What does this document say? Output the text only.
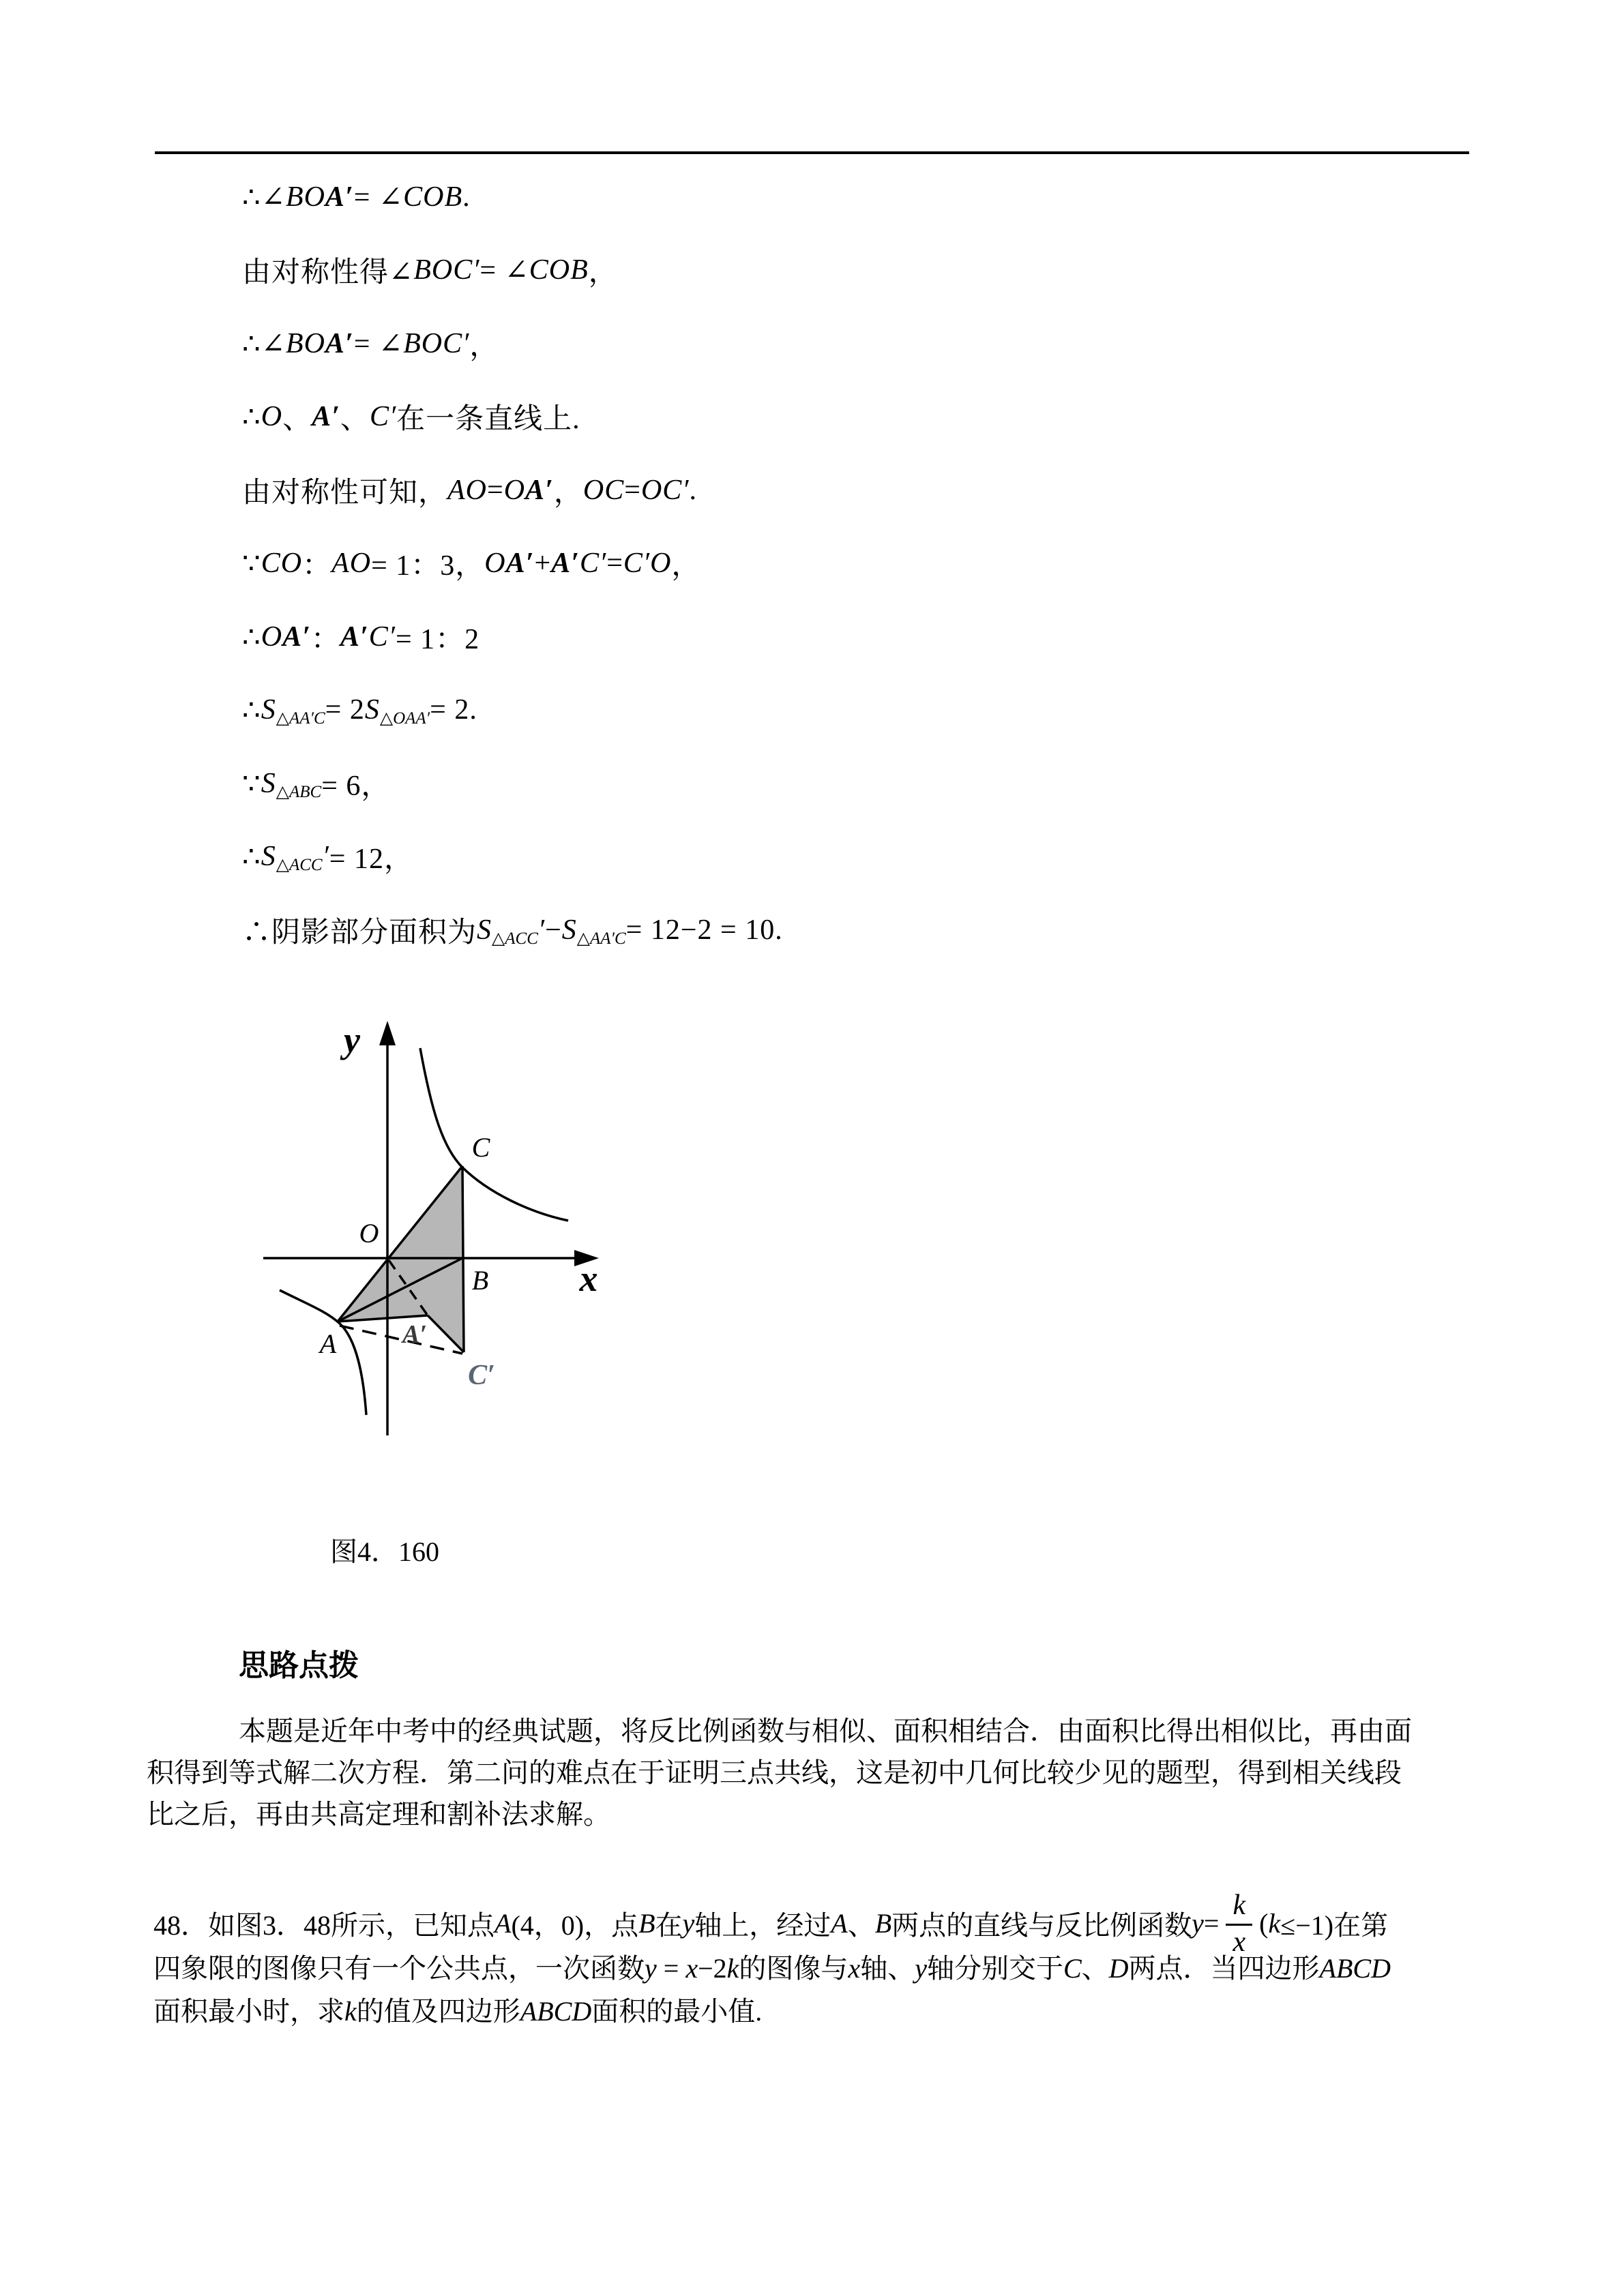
∴∠ BO A′ = ∠ COB .
由对称性得∠ BOC′ = ∠ COB ，
∴∠ BO A′ = ∠ BOC′ ，
∴ O 、 A′ 、 C′ 在一条直线上.
由对称性可知， AO = O A′ ， OC = OC′ .
∵ CO ： AO = 1：3， O A′ + A′ C′ = C′O ，
∴ O A′ ： A′ C′ = 1：2
∴ S △AA′C = 2 S △OAA′ = 2.
∵ S △ABC = 6，
∴ S △ACC ′ = 12，
∴阴影部分面积为 S △ACC ′ − S △AA′C = 12−2 = 10.
y
x
O
C
B
A	A′
C′
图4．160
思路点拨
本题是近年中考中的经典试题，将反比例函数与相似、面积相结合．由面积比得出相似比，再由面
积得到等式解二次方程．第二问的难点在于证明三点共线，这是初中几何比较少见的题型，得到相关线段
比之后，再由共高定理和割补法求解。
48．如图3．48所示，已知点 A (4，0)，点 B 在 y 轴上，经过 A 、 B 两点的直线与反比例函数 $y = \frac{k}{x}$ ( k ≤−1)在第
四象限的图像只有一个公共点，一次函数y = x−2k的图像与x轴、y轴分别交于C、D两点．当四边形ABCD
面积最小时，求k的值及四边形ABCD面积的最小值.
